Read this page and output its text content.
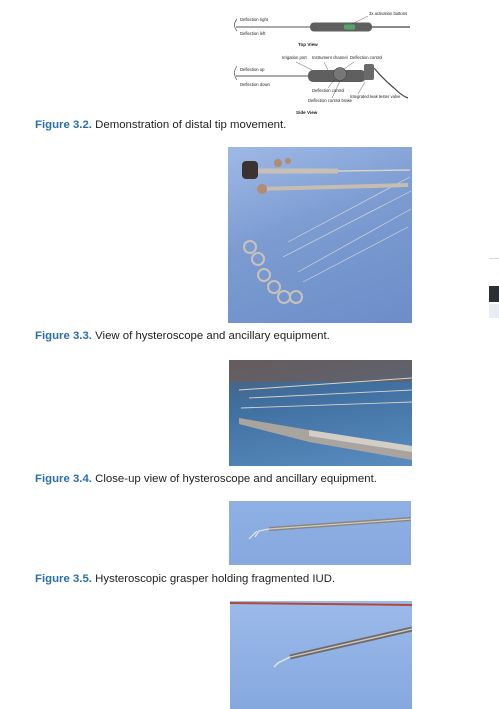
Deflection right
Deflection left
3x activation buttons
Top View
Deflection up
Deflection down
Irrigation port Instrument channel Deflection control
Deflection control
Deflection control brake
Integrated leak tester valve
Side View
Figure 3.2. Demonstration of distal tip movement.
Figure 3.3. View of hysteroscope and ancillary equipment.
Figure 3.4. Close-up view of hysteroscope and ancillary equipment.
Figure 3.5. Hysteroscopic grasper holding fragmented IUD.
